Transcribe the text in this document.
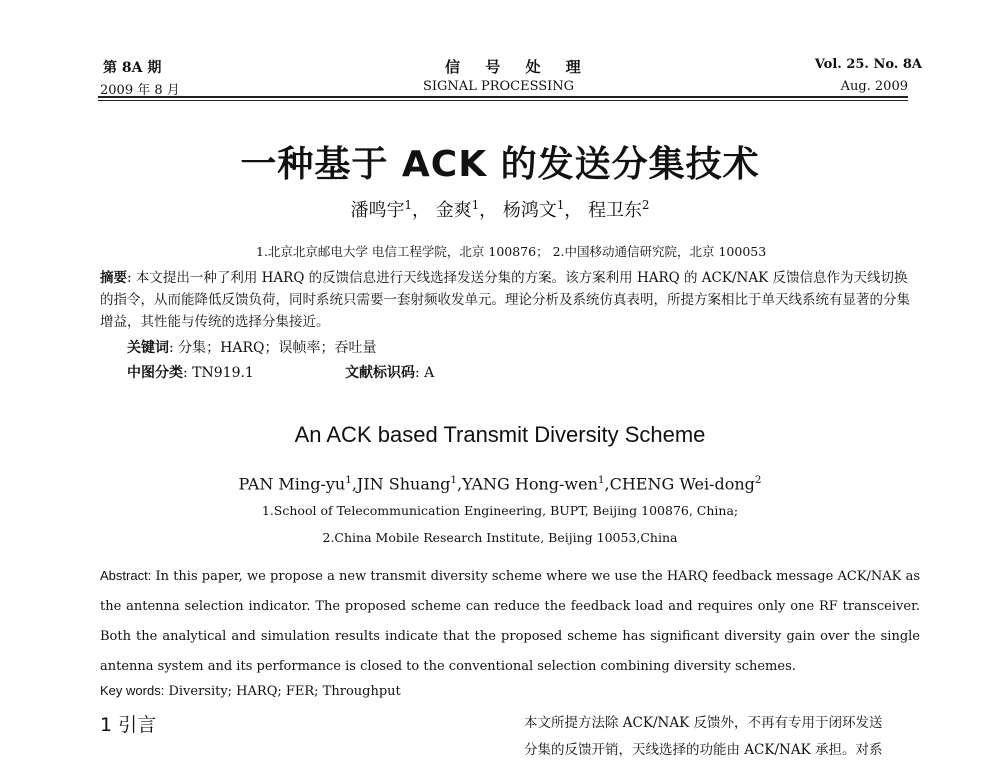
第 8A 期
2009 年 8 月
信 号 处 理
SIGNAL PROCESSING
Vol. 25. No. 8A
Aug. 2009
一种基于 ACK 的发送分集技术
潘鸣宇$^1$， 金爽$^1$， 杨鸿文$^1$， 程卫东$^2$
1.北京北京邮电大学 电信工程学院，北京 100876； 2.中国移动通信研究院，北京 100053
摘要: 本文提出一种了利用 HARQ 的反馈信息进行天线选择发送分集的方案。该方案利用 HARQ 的 ACK/NAK 反馈信息作为天线切换的指令，从而能降低反馈负荷，同时系统只需要一套射频收发单元。理论分析及系统仿真表明，所提方案相比于单天线系统有显著的分集增益，其性能与传统的选择分集接近。
关键词: 分集；HARQ；误帧率；吞吐量
中图分类: TN919.1	文献标识码: A
An ACK based Transmit Diversity Scheme
PAN Ming-$yu^1,JIN$ Shuang$^1$,YANG Hong-wen$^1$,CHENG Wei-dong$^2$
1.School of Telecommunication Engineering, BUPT, Beijing 100876, China;
2.China Mobile Research Institute, Beijing 10053,China
Abstract: In this paper, we propose a new transmit diversity scheme where we use the HARQ feedback message ACK/NAK as the antenna selection indicator. The proposed scheme can reduce the feedback load and requires only one RF transceiver. Both the analytical and simulation results indicate that the proposed scheme has significant diversity gain over the single antenna system and its performance is closed to the conventional selection combining diversity schemes.
Key words: Diversity; HARQ; FER; Throughput
1 引言	本文所提方法除 ACK/NAK 反馈外，不再有专用于闭环发送
分集的反馈开销，天线选择的功能由 ACK/NAK 承担。对系
